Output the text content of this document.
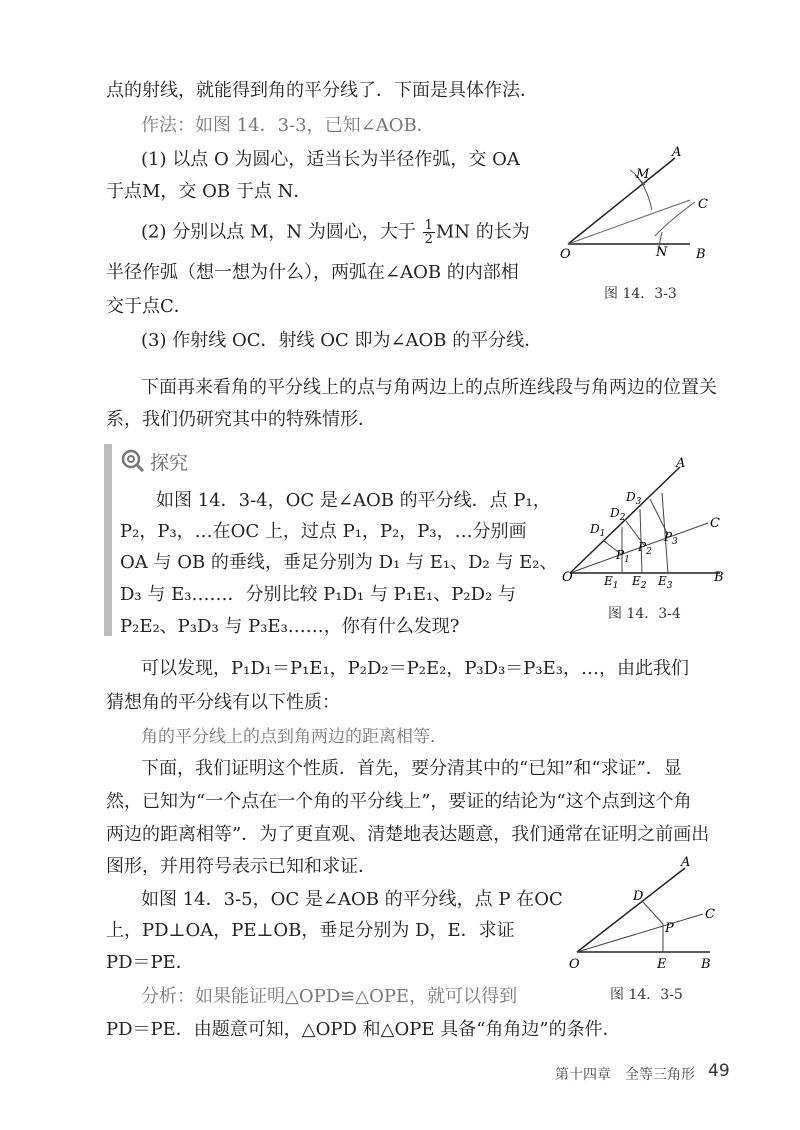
点的射线，就能得到角的平分线了．下面是具体作法．
作法：如图 14．3-3，已知∠AOB．
(1) 以点 O 为圆心，适当长为半径作弧，交 OA
于点M，交 OB 于点 N．
(2) 分别以点 M，N 为圆心，大于 $\frac{1}{2}$ MN 的长为
半径作弧（想一想为什么），两弧在∠AOB 的内部相
交于点C．
(3) 作射线 OC．射线 OC 即为∠AOB 的平分线．
下面再来看角的平分线上的点与角两边上的点所连线段与角两边的位置关
系，我们仍研究其中的特殊情形．
A
M
C
O	N B
图 14．3-3
探究
如图 14．3-4，OC 是∠AOB 的平分线．点 P₁，
P₂，P₃，…在OC 上，过点 P₁，P₂，P₃，…分别画
OA 与 OB 的垂线，垂足分别为 D₁ 与 E₁、D₂ 与 E₂、
D₃ 与 E₃……．分别比较 P₁D₁ 与 P₁E₁、P₂D₂ 与
P₂E₂、P₃D₃ 与 P₃E₃……，你有什么发现?
A
C
O	B
$D_1$
$D_2$
$D_3$
$P_1$
$P_2$
$P_3$
$E_1$ $E_2$ $E_3$
图 14．3-4
可以发现，P₁D₁＝P₁E₁，P₂D₂＝P₂E₂，P₃D₃＝P₃E₃，…，由此我们
猜想角的平分线有以下性质：
角的平分线上的点到角两边的距离相等．
下面，我们证明这个性质．首先，要分清其中的“已知”和“求证”．显
然，已知为“一个点在一个角的平分线上”，要证的结论为“这个点到这个角
两边的距离相等”．为了更直观、清楚地表达题意，我们通常在证明之前画出
图形，并用符号表示已知和求证．
如图 14．3-5，OC 是∠AOB 的平分线，点 P 在OC
上，PD⊥OA，PE⊥OB，垂足分别为 D，E．求证
PD＝PE．
分析：如果能证明△OPD≌△OPE，就可以得到
PD＝PE．由题意可知，△OPD 和△OPE 具备“角角边”的条件．
A
D
C
P
O	E	B
图 14．3-5
第十四章　全等三角形 49
